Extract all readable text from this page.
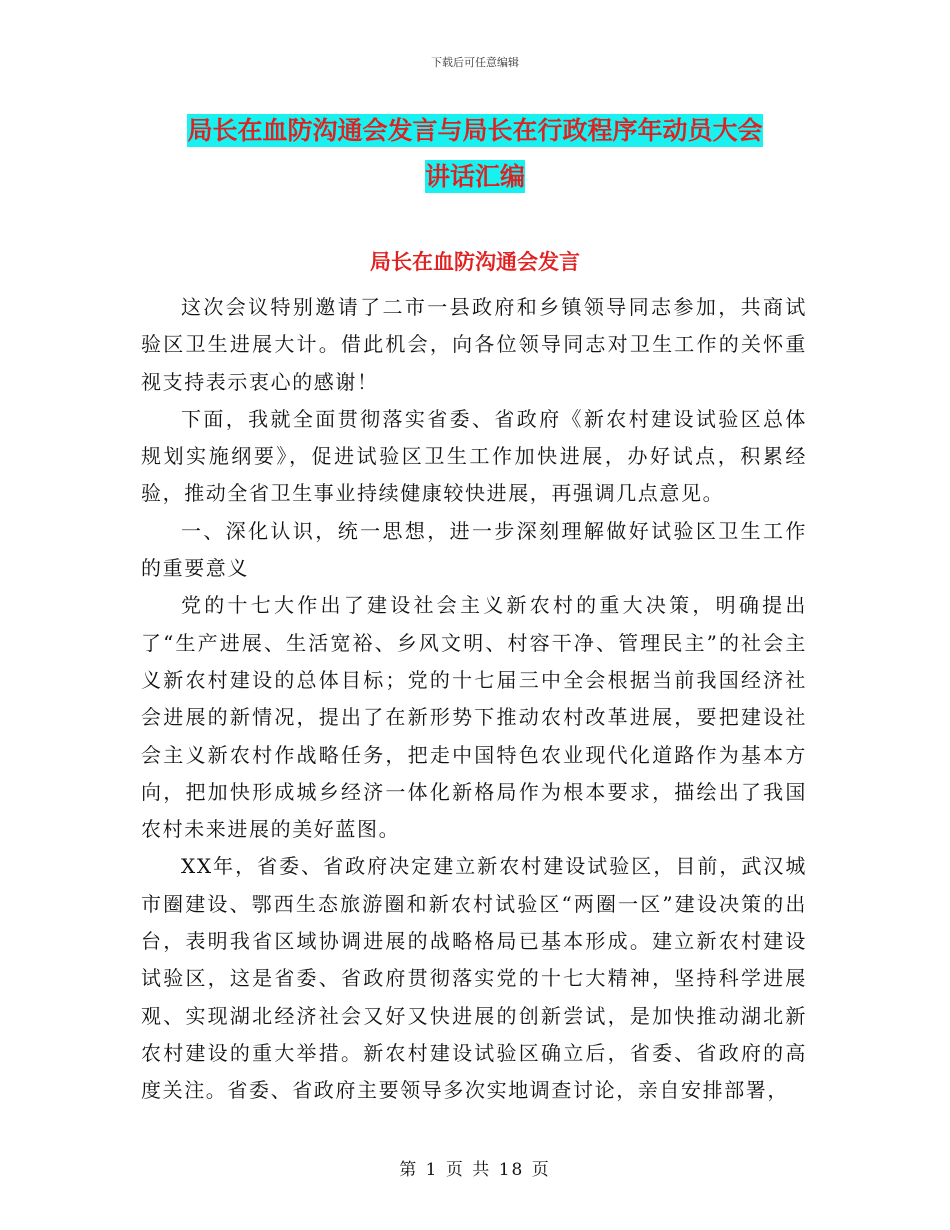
下载后可任意编辑
局长在血防沟通会发言与局长在行政程序年动员大会
讲话汇编
局长在血防沟通会发言

这次会议特别邀请了二市一县政府和乡镇领导同志参加，共商试验区卫生进展大计。借此机会，向各位领导同志对卫生工作的关怀重视支持表示衷心的感谢！

下面，我就全面贯彻落实省委、省政府《新农村建设试验区总体规划实施纲要》，促进试验区卫生工作加快进展，办好试点，积累经验，推动全省卫生事业持续健康较快进展，再强调几点意见。

一、深化认识，统一思想，进一步深刻理解做好试验区卫生工作的重要意义

党的十七大作出了建设社会主义新农村的重大决策，明确提出了“生产进展、生活宽裕、乡风文明、村容干净、管理民主”的社会主义新农村建设的总体目标；党的十七届三中全会根据当前我国经济社会进展的新情况，提出了在新形势下推动农村改革进展，要把建设社会主义新农村作战略任务，把走中国特色农业现代化道路作为基本方向，把加快形成城乡经济一体化新格局作为根本要求，描绘出了我国农村未来进展的美好蓝图。

XX年，省委、省政府决定建立新农村建设试验区，目前，武汉城市圈建设、鄂西生态旅游圈和新农村试验区“两圈一区”建设决策的出台，表明我省区域协调进展的战略格局已基本形成。建立新农村建设试验区，这是省委、省政府贯彻落实党的十七大精神，坚持科学进展观、实现湖北经济社会又好又快进展的创新尝试，是加快推动湖北新农村建设的重大举措。新农村建设试验区确立后，省委、省政府的高度关注。省委、省政府主要领导多次实地调查讨论，亲自安排部署，

第 1 页 共 18 页
